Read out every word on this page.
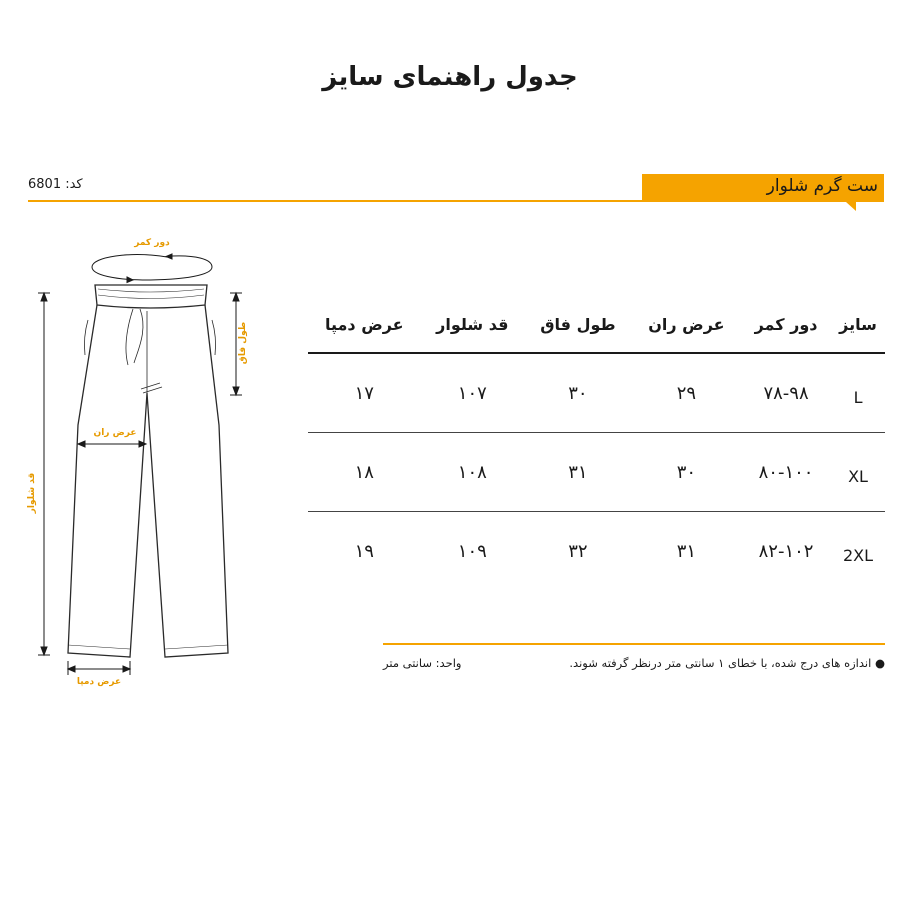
جدول راهنمای سایز
کد: 6801	ست گرم شلوار
دور کمر
قد شلوار
طول فاق
عرض ران
عرض دمپا
سایز	دور کمر	عرض ران	طول فاق	قد شلوار	عرض دمپا
L	۷۸-۹۸	۲۹	۳۰	۱۰۷	۱۷
XL	۸۰-۱۰۰	۳۰	۳۱	۱۰۸	۱۸
2XL	۸۲-۱۰۲	۳۱	۳۲	۱۰۹	۱۹
● اندازه های درج شده، با خطای ۱ سانتی متر درنظر گرفته شوند.
واحد: سانتی متر
